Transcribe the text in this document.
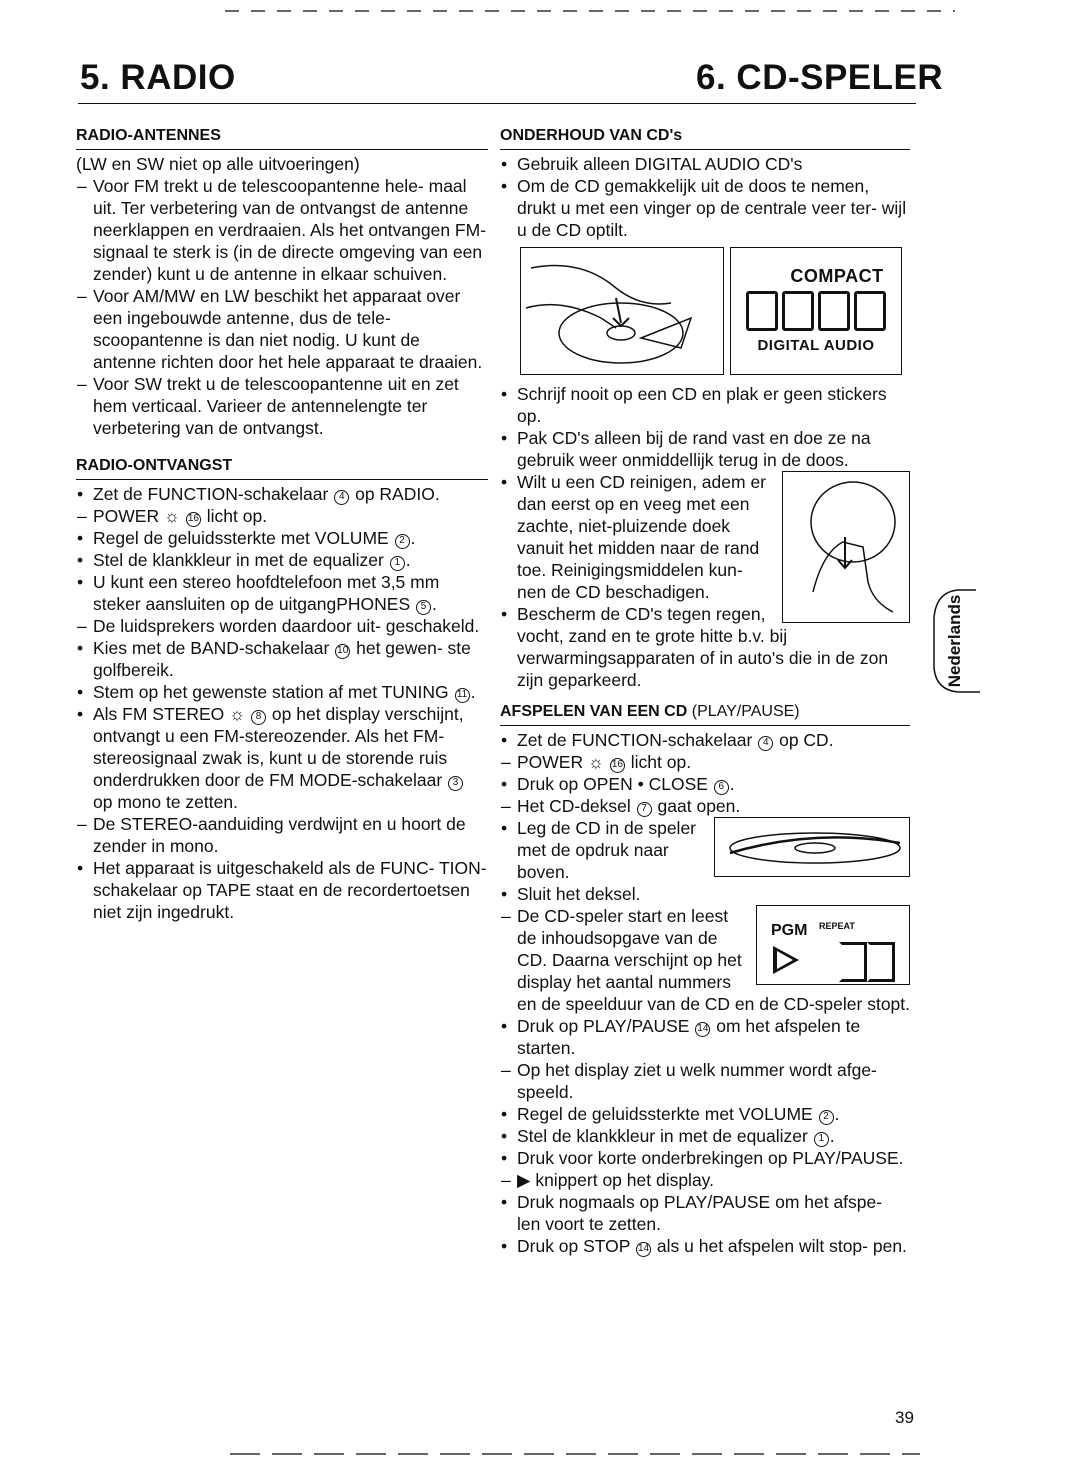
5. RADIO	6. CD-SPELER
RADIO-ANTENNES
(LW en SW niet op alle uitvoeringen)
– Voor FM trekt u de telescoopantenne hele- maal uit. Ter verbetering van de ontvangst de antenne neerklappen en verdraaien. Als het ontvangen FM-signaal te sterk is (in de directe omgeving van een zender) kunt u de antenne in elkaar schuiven.
– Voor AM/MW en LW beschikt het apparaat over een ingebouwde antenne, dus de tele- scoopantenne is dan niet nodig. U kunt de antenne richten door het hele apparaat te draaien.
– Voor SW trekt u de telescoopantenne uit en zet hem verticaal. Varieer de antennelengte ter verbetering van de ontvangst.
RADIO-ONTVANGST
• Zet de FUNCTION-schakelaar 4 op RADIO.
– POWER ☼ 16 licht op.
• Regel de geluidssterkte met VOLUME 2 .
• Stel de klankkleur in met de equalizer 1 .
• U kunt een stereo hoofdtelefoon met 3,5 mm steker aansluiten op de uitgangPHONES 5 .
– De luidsprekers worden daardoor uit- geschakeld.
• Kies met de BAND-schakelaar 10 het gewen- ste golfbereik.
• Stem op het gewenste station af met TUNING 11 .
• Als FM STEREO ☼ 8 op het display verschijnt, ontvangt u een FM-stereozender. Als het FM-stereosignaal zwak is, kunt u de storende ruis onderdrukken door de FM MODE-schakelaar 3 op mono te zetten.
– De STEREO-aanduiding verdwijnt en u hoort de zender in mono.
• Het apparaat is uitgeschakeld als de FUNC- TION-schakelaar op TAPE staat en de recordertoetsen niet zijn ingedrukt.
ONDERHOUD VAN CD's
• Gebruik alleen DIGITAL AUDIO CD's
• Om de CD gemakkelijk uit de doos te nemen, drukt u met een vinger op de centrale veer ter- wijl u de CD optilt.
COMPACT
DIGITAL AUDIO
• Schrijf nooit op een CD en plak er geen stickers op.
• Pak CD's alleen bij de rand vast en doe ze na gebruik weer onmiddellijk terug in de doos.
• Wilt u een CD reinigen, adem er dan eerst op en veeg met een zachte, niet-pluizende doek vanuit het midden naar de rand toe. Reinigingsmiddelen kun- nen de CD beschadigen.
• Bescherm de CD's tegen regen, vocht, zand en te grote hitte b.v. bij verwarmingsapparaten of in auto's die in de zon zijn geparkeerd.
AFSPELEN VAN EEN CD (PLAY/PAUSE)
• Zet de FUNCTION-schakelaar 4 op CD.
– POWER ☼ 16 licht op.
• Druk op OPEN • CLOSE 6 .
– Het CD-deksel 7 gaat open.
• Leg de CD in de speler met de opdruk naar boven.
• Sluit het deksel.
PGM REPEAT
– De CD-speler start en leest de inhoudsopgave van de CD. Daarna verschijnt op het display het aantal nummers en de speelduur van de CD en de CD-speler stopt.
• Druk op PLAY/PAUSE 14 om het afspelen te starten.
– Op het display ziet u welk nummer wordt afge- speeld.
• Regel de geluidssterkte met VOLUME 2 .
• Stel de klankkleur in met de equalizer 1 .
• Druk voor korte onderbrekingen op PLAY/PAUSE.
– ▶ knippert op het display.
• Druk nogmaals op PLAY/PAUSE om het afspe- len voort te zetten.
• Druk op STOP 14 als u het afspelen wilt stop- pen.
Nederlands
39
